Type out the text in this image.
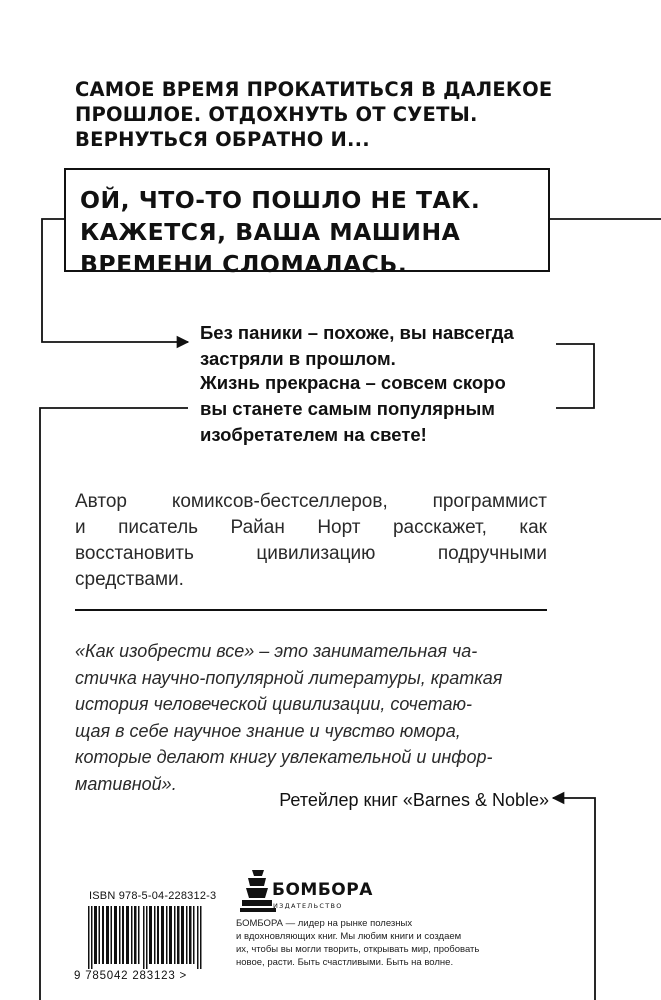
САМОЕ ВРЕМЯ ПРОКАТИТЬСЯ В ДАЛЕКОЕ
ПРОШЛОЕ. ОТДОХНУТЬ ОТ СУЕТЫ.
ВЕРНУТЬСЯ ОБРАТНО И...
ОЙ, ЧТО-ТО ПОШЛО НЕ ТАК.
КАЖЕТСЯ, ВАША МАШИНА
ВРЕМЕНИ СЛОМАЛАСЬ.
Без паники – похоже, вы навсегда
застряли в прошлом.
Жизнь прекрасна – совсем скоро
вы станете самым популярным
изобретателем на свете!
Автор комиксов-бестселлеров, программист
и писатель Райан Норт расскажет, как
восстановить цивилизацию подручными
средствами.
«Как изобрести все» – это занимательная ча-
стичка научно-популярной литературы, краткая
история человеческой цивилизации, сочетаю-
щая в себе научное знание и чувство юмора,
которые делают книгу увлекательной и инфор-
мативной».
Ретейлер книг «Barnes & Noble»
ISBN 978-5-04-228312-3
9 785042 283123 >
БОМБОРА
ИЗДАТЕЛЬСТВО
БОМБОРА — лидер на рынке полезных
и вдохновляющих книг. Мы любим книги и создаем
их, чтобы вы могли творить, открывать мир, пробовать
новое, расти. Быть счастливыми. Быть на волне.
